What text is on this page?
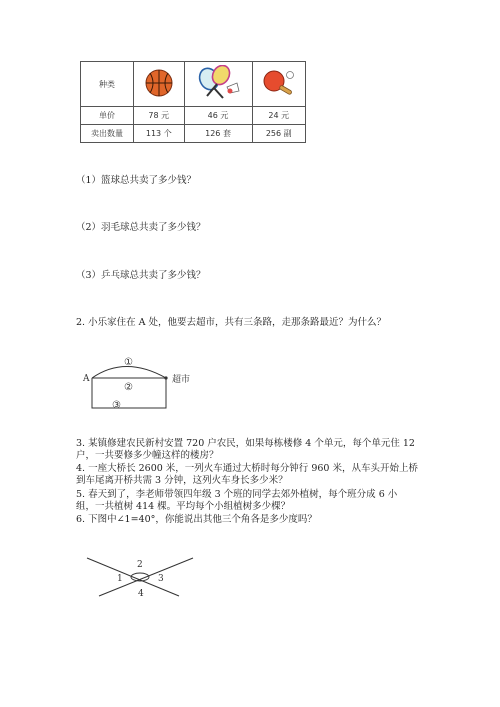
种类			
单价	78 元	46 元	24 元
卖出数量	113 个	126 套	256 副
（1）篮球总共卖了多少钱？
（2）羽毛球总共卖了多少钱？
（3）乒乓球总共卖了多少钱？
2. 小乐家住在 A 处，他要去超市，共有三条路，走那条路最近？为什么？
A	超市
①
②
③
3. 某镇修建农民新村安置 720 户农民，如果每栋楼修 4 个单元，每个单元住 12
户，一共要修多少幢这样的楼房？
4. 一座大桥长 2600 米，一列火车通过大桥时每分钟行 960 米，从车头开始上桥
到车尾离开桥共需 3 分钟，这列火车身长多少米？
5. 春天到了，李老师带领四年级 3 个班的同学去郊外植树，每个班分成 6 小
组，一共植树 414 棵。平均每个小组植树多少棵？
6. 下图中∠1=40°，你能说出其他三个角各是多少度吗？
1
2
3
4
